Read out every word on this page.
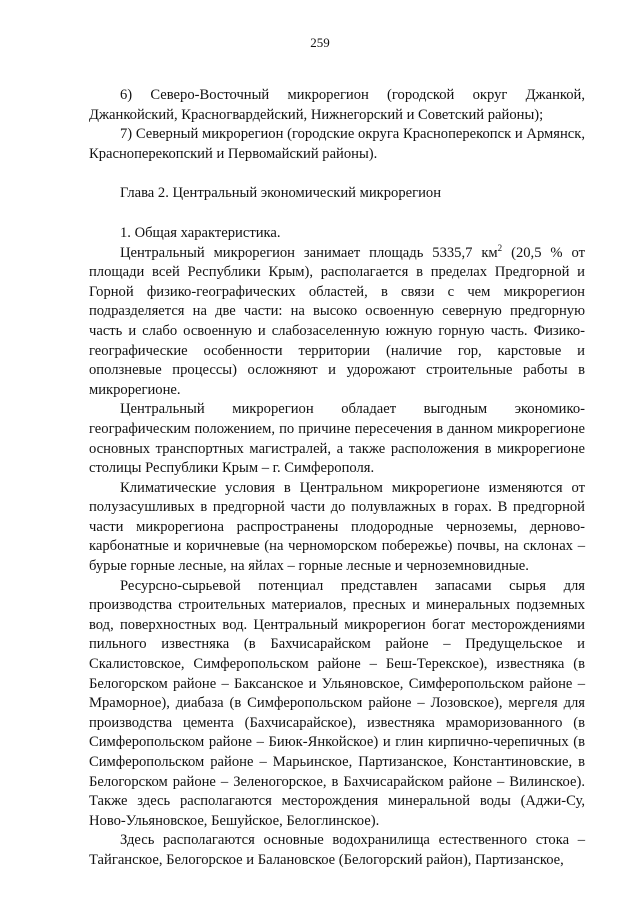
259

6) Северо-Восточный микрорегион (городской округ Джанкой, Джанкойский, Красногвардейский, Нижнегорский и Советский районы);

7) Северный микрорегион (городские округа Красноперекопск и Армянск, Красноперекопский и Первомайский районы).

Глава 2. Центральный экономический микрорегион

1. Общая характеристика.

Центральный микрорегион занимает площадь 5335,7 $км^2$ (20,5 % от площади всей Республики Крым), располагается в пределах Предгорной и Горной физико-географических областей, в связи с чем микрорегион подразделяется на две части: на высоко освоенную северную предгорную часть и слабо освоенную и слабозаселенную южную горную часть. Физико-географические особенности территории (наличие гор, карстовые и оползневые процессы) осложняют и удорожают строительные работы в микрорегионе.

Центральный микрорегион обладает выгодным экономико-географическим положением, по причине пересечения в данном микрорегионе основных транспортных магистралей, а также расположения в микрорегионе столицы Республики Крым – г. Симферополя.

Климатические условия в Центральном микрорегионе изменяются от полузасушливых в предгорной части до полувлажных в горах. В предгорной части микрорегиона распространены плодородные черноземы, дерново-карбонатные и коричневые (на черноморском побережье) почвы, на склонах – бурые горные лесные, на яйлах – горные лесные и черноземновидные.

Ресурсно-сырьевой потенциал представлен запасами сырья для производства строительных материалов, пресных и минеральных подземных вод, поверхностных вод. Центральный микрорегион богат месторождениями пильного известняка (в Бахчисарайском районе – Предущельское и Скалистовское, Симферопольском районе – Беш-Терекское), известняка (в Белогорском районе – Баксанское и Ульяновское, Симферопольском районе – Мраморное), диабаза (в Симферопольском районе – Лозовское), мергеля для производства цемента (Бахчисарайское), известняка мраморизованного (в Симферопольском районе – Биюк-Янкойское) и глин кирпично-черепичных (в Симферопольском районе – Марьинское, Партизанское, Константиновские, в Белогорском районе – Зеленогорское, в Бахчисарайском районе – Вилинское). Также здесь располагаются месторождения минеральной воды (Аджи-Су, Ново-Ульяновское, Бешуйское, Белоглинское).

Здесь располагаются основные водохранилища естественного стока – Тайганское, Белогорское и Балановское (Белогорский район), Партизанское,
